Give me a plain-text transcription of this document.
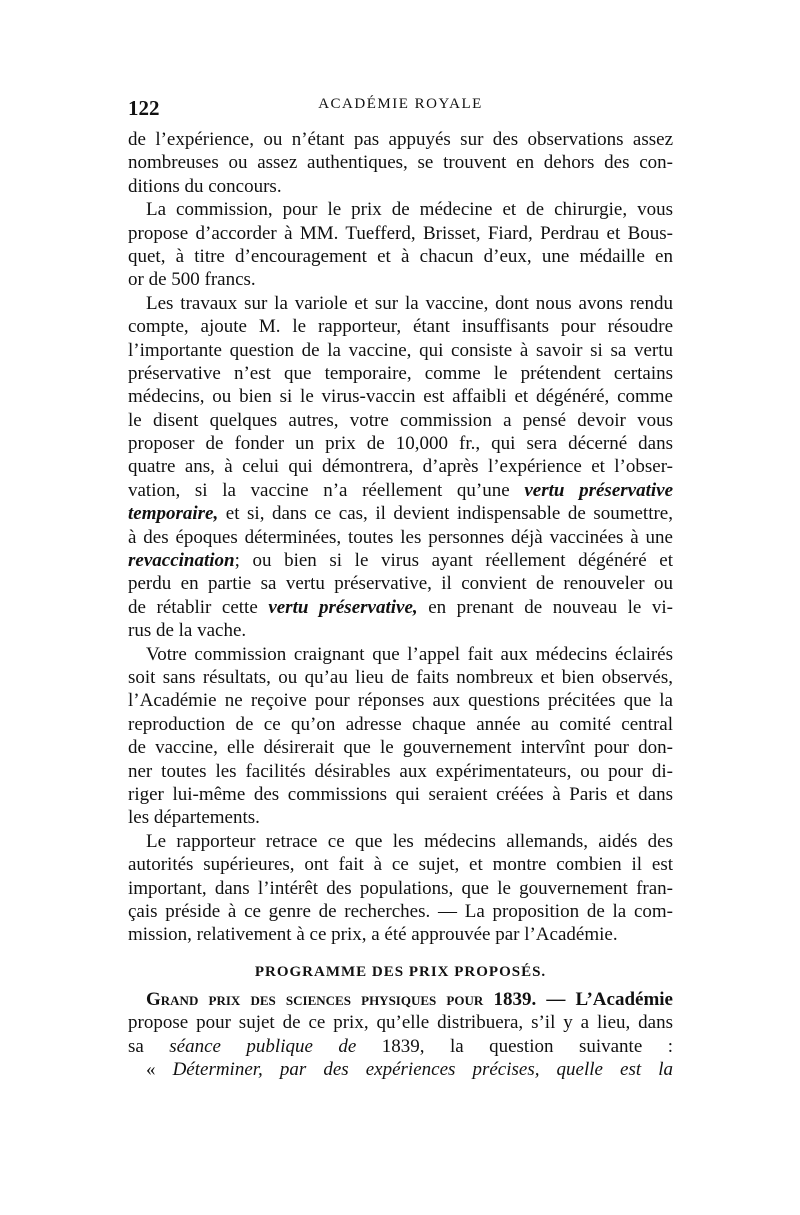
122	ACADÉMIE ROYALE
de l’expérience, ou n’étant pas appuyés sur des observations assez
nombreuses ou assez authentiques, se trouvent en dehors des con-
ditions du concours.
La commission, pour le prix de médecine et de chirurgie, vous
propose d’accorder à MM. Tuefferd, Brisset, Fiard, Perdrau et Bous-
quet, à titre d’encouragement et à chacun d’eux, une médaille en
or de 500 francs.
Les travaux sur la variole et sur la vaccine, dont nous avons rendu
compte, ajoute M. le rapporteur, étant insuffisants pour résoudre
l’importante question de la vaccine, qui consiste à savoir si sa vertu
préservative n’est que temporaire, comme le prétendent certains
médecins, ou bien si le virus-vaccin est affaibli et dégénéré, comme
le disent quelques autres, votre commission a pensé devoir vous
proposer de fonder un prix de 10,000 fr., qui sera décerné dans
quatre ans, à celui qui démontrera, d’après l’expérience et l’obser-
vation, si la vaccine n’a réellement qu’une vertu préservative
temporaire, et si, dans ce cas, il devient indispensable de soumettre,
à des époques déterminées, toutes les personnes déjà vaccinées à une
revaccination; ou bien si le virus ayant réellement dégénéré et
perdu en partie sa vertu préservative, il convient de renouveler ou
de rétablir cette vertu préservative, en prenant de nouveau le vi-
rus de la vache.
Votre commission craignant que l’appel fait aux médecins éclairés
soit sans résultats, ou qu’au lieu de faits nombreux et bien observés,
l’Académie ne reçoive pour réponses aux questions précitées que la
reproduction de ce qu’on adresse chaque année au comité central
de vaccine, elle désirerait que le gouvernement intervînt pour don-
ner toutes les facilités désirables aux expérimentateurs, ou pour di-
riger lui-même des commissions qui seraient créées à Paris et dans
les départements.
Le rapporteur retrace ce que les médecins allemands, aidés des
autorités supérieures, ont fait à ce sujet, et montre combien il est
important, dans l’intérêt des populations, que le gouvernement fran-
çais préside à ce genre de recherches. — La proposition de la com-
mission, relativement à ce prix, a été approuvée par l’Académie.
PROGRAMME DES PRIX PROPOSÉS.
Grand prix des sciences physiques pour 1839. — L’Académie
propose pour sujet de ce prix, qu’elle distribuera, s’il y a lieu, dans
sa séance publique de 1839, la question suivante :
« Déterminer, par des expériences précises, quelle est la
